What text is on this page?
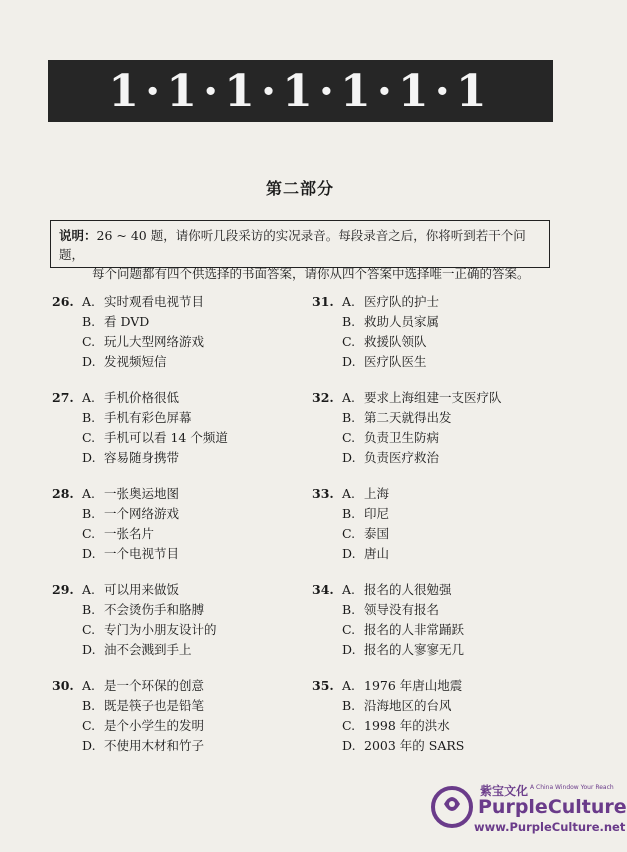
1·1·1·1·1·1·1
第二部分
说明：26 ~ 40 题，请你听几段采访的实况录音。每段录音之后，你将听到若干个问题，
每个问题都有四个供选择的书面答案，请你从四个答案中选择唯一正确的答案。
26. A. 实时观看电视节目
B. 看 DVD
C. 玩儿大型网络游戏
D. 发视频短信
31. A. 医疗队的护士
B. 救助人员家属
C. 救援队领队
D. 医疗队医生
27. A. 手机价格很低
B. 手机有彩色屏幕
C. 手机可以看 14 个频道
D. 容易随身携带
32. A. 要求上海组建一支医疗队
B. 第二天就得出发
C. 负责卫生防病
D. 负责医疗救治
28. A. 一张奥运地图
B. 一个网络游戏
C. 一张名片
D. 一个电视节目
33. A. 上海
B. 印尼
C. 泰国
D. 唐山
29. A. 可以用来做饭
B. 不会烫伤手和胳膊
C. 专门为小朋友设计的
D. 油不会溅到手上
34. A. 报名的人很勉强
B. 领导没有报名
C. 报名的人非常踊跃
D. 报名的人寥寥无几
30. A. 是一个环保的创意
B. 既是筷子也是铅笔
C. 是个小学生的发明
D. 不使用木材和竹子
35. A. 1976 年唐山地震
B. 沿海地区的台风
C. 1998 年的洪水
D. 2003 年的 SARS
紫宝文化 A China Window Your Reach
PurpleCulture
www.PurpleCulture.net
